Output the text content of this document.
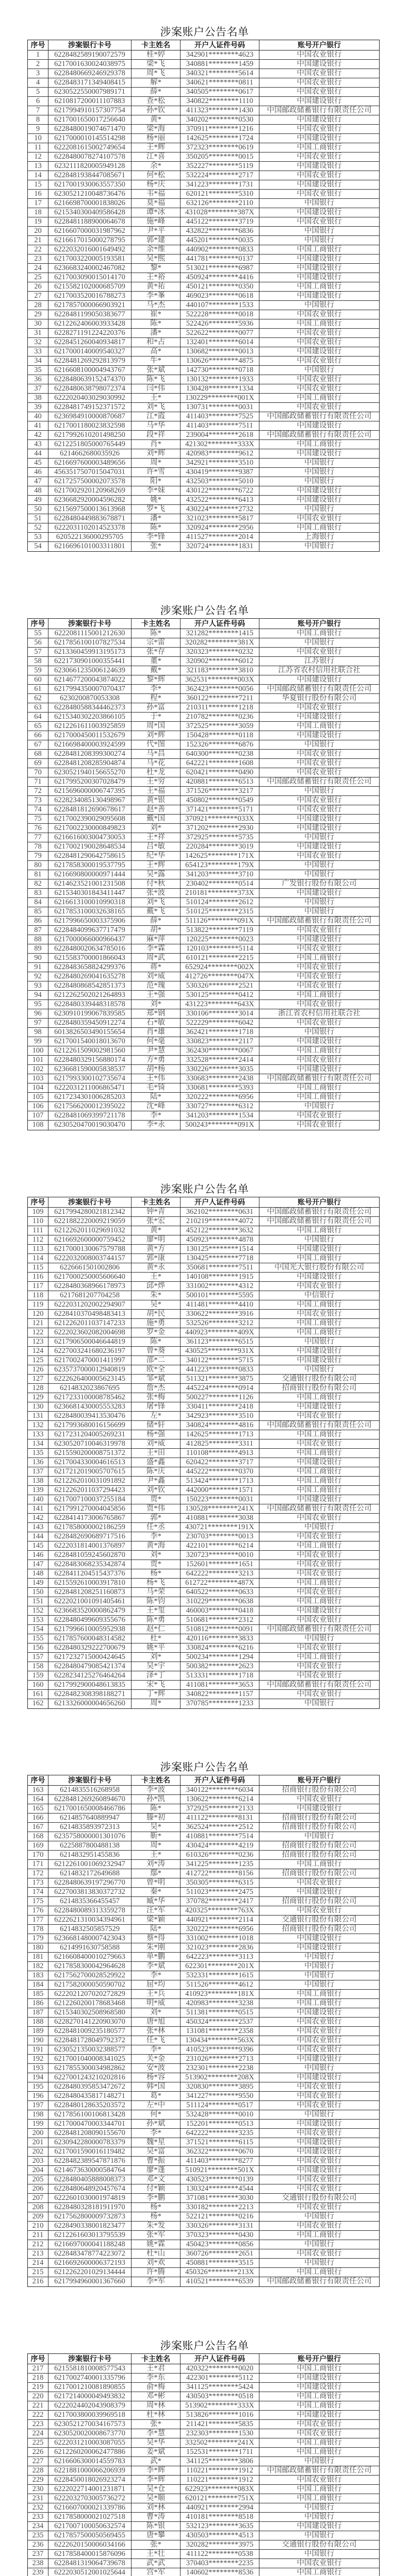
涉案账户公告名单
序号	涉案银行卡号	卡主姓名	开户人证件号码	账号开户银行
1	6228482589190072579	桂*婷	342901********4623	中国农业银行
2	6217001630024038975	梁*飞	340881********1459	中国建设银行
3	6228480669246929378	周*飞	340321********5614	中国农业银行
4	6228483171349408415	解*	340621********0811	中国农业银行
5	6230522550007989171	薛*	340505********0617	中国农业银行
6	6210817200011107883	查*松	340822********1110	中国建设银行
7	6217994910157307754	孙*钦	411323********1430	中国邮政储蓄银行有限责任公司
8	6217001650017256640	黄*	340202********0530	中国建设银行
9	6228480019074671470	梁*海	370911********1216	中国农业银行
10	6217000010145514298	杨*丽	142625********1724	中国建设银行
11	6222081615002749654	王*辉	372323********0619	中国工商银行
12	6228480078274107578	江*喜	350205********0015	中国农业银行
13	6232111820005949128	余*	352227********5119	中国建设银行
14	6228481938447085671	何*松	532224********2717	中国农业银行
15	6217001930063557350	杨*庆	341223********1731	中国建设银行
16	6230521210048736476	韦*福	620121********5310	中国农业银行
17	6216698700001838026	莫*福	632126********2110	中国银行
18	6215340300409586428	谭*冰	431028********387X	中国建设银行
19	6228481188900064678	施*峰	445122********3719	中国农业银行
20	6216607000031987962	尹*平	432822********6836	中国银行
21	6216617015000278795	郭*建	445201********0035	中国银行
22	6222032016001649492	余*维	440902********0833	中国工商银行
23	6217003220005193581	吴*熙	441781********0137	中国建设银行
24	6236683240002467082	黎*	513021********6987	中国建设银行
25	6217003090015014170	王*裕	450924********4416	中国建设银行
26	6215582102000685709	黄*祐	450121********0350	中国工商银行
27	6217003520016788273	李*峯	469023********0618	中国建设银行
28	6217857000066903921	马*杰	440107********1533	中国银行
29	6228481199050383677	崔*	522228********0018	中国农业银行
30	6212262406003933428	陈*	522426********5936	中国工商银行
31	6228271191224220376	潘*	522622********0077	中国农业银行
32	6228451260040934817	和*占	132401********6014	中国农业银行
33	6217000140009540327	高*	130682********0013	中国建设银行
34	6228481269292813979	牛*	130626********4875	中国农业银行
35	6216608100004943767	张*斌	142730********0718	中国银行
36	6228480639152474370	陈*飞	130132********1933	中国农业银行
37	6228480638798072374	闫*伟	130428********1334	中国农业银行
38	6222020403029030992	王*	130229********001X	中国工商银行
39	6228481749152371572	刘*飞	130731********0031	中国农业银行
40	6236984910000870687	江*霞	411403********7525	中国邮政储蓄银行有限责任公司
41	6217001180023832598	马*华	411403********7511	中国建设银行
42	6217992610201498250	段*祥	239004********2618	中国邮政储蓄银行有限责任公司
43	6212251805000765449	肖*	421302********333X	中国工商银行
44	6214662680035926	刘*辉	420983********9612	中国建设银行
45	6216697600003489656	周*	342921********3510	中国银行
46	4563517507015047031	许*雪	430419********9387	中国银行
47	6217257500002073578	阳*	432503********5010	中国银行
48	6217002920120968269	李*妹	430122********6722	中国建设银行
49	6236682920004596282	姚*	432522********6413	中国建设银行
50	6215697500013613968	罗*飞	430224********2732	中国银行
51	6228480449883678871	潘*	321023********5817	中国农业银行
52	6222031102014523378	陈*	320924********2956	中国工商银行
53	620522136000295705	李*锋	411527********2014	上海银行
54	6216696101003311801	张*	320724********1831	中国银行
涉案账户公告名单
序号	涉案银行卡号	卡主姓名	开户人证件号码	账号开户银行
55	6222081115001212630	陈*	321282********1415	中国工商银行
56	6217856100107827534	宗*雷	320282********381X	中国银行
57	6213360459913195173	张*存	320323********0232	中国农业银行
58	6221730901000355441	董*	320902********6012	江苏银行
59	6230661235006124639	戴*	321183********3810	江苏省农村信用社联合社
60	6214677200043874022	黎*辉	362531********003X	中国建设银行
61	6217994350007070437	李*	362423********0056	中国邮政储蓄银行有限责任公司
62	6230200870053308	程*	360122********7211	华夏银行股份有限公司
63	6228480588344462373	孙*富	210311********1218	中国农业银行
64	6215340302203866105	于*	210782********0236	中国建设银行
65	6212261611003925859	周*国	372525********3059	中国工商银行
66	6217000450011532679	刘*辉	150428********0118	中国建设银行
67	6216698400003924599	代*图	152326********6876	中国银行
68	6228481208399300274	马*昌	640300********0238	中国农业银行
69	6228481208285904874	马*花	642221********1608	中国农业银行
70	6230521940156655270	杜*龙	620421********0490	中国农业银行
71	6217995200307028479	王*穷	420881********6513	中国邮政储蓄银行有限责任公司
72	6215696000006747395	王*福	371526********3217	中国银行
73	6228234085130498967	黄*银	450802********0549	中国农业银行
74	6228481812690678617	赵*善	371421********5171	中国农业银行
75	6217002390029095608	戴*国	370921********033X	中国建设银行
76	6217002230000849823	刘*	371202********2930	中国建设银行
77	6216616003004730053	王*祥	372925********5735	中国银行
78	6217002190028648534	吕*敏	220284********3019	中国建设银行
79	6228481290642758615	纪*华	142625********171X	中国农业银行
80	6217858300019537795	王*辉	654123********179X	中国银行
81	6216690800000971444	吴*露	341203********3710	中国银行
82	6214623521001231508	付*秋	230402********0514	广发银行股份有限公司
83	6215340301843411447	张*波	210181********373X	中国建设银行
84	6216613100010990318	刘*飞	510124********2612	中国银行
85	6217853100032638165	戴*飞	510125********2315	中国银行
86	6217996650003375906	薛*	511126********091X	中国邮政储蓄银行有限责任公司
87	6228484099637717479	胡*	513822********7119	中国农业银行
88	6217000066000966437	麻*萍	120225********0023	中国建设银行
89	6228480020634785016	李*霖	120103********5114	中国农业银行
90	6215583700001866043	周*武	610121********2215	中国工商银行
91	6228483658824299376	蒋*	652924********002X	中国农业银行
92	6228480269041635278	刘*威	412726********047X	中国农业银行
93	6228480868542851373	范*瑰	530326********2521	中国农业银行
94	6212262502021264893	王*强	530125********0412	中国工商银行
95	6228480339448318578	刘*	431223********643X	中国农业银行
96	6230910199067839585	郑*钢	330106********3014	浙江省农村信用社联合社
97	6228480359450912274	石*敏	522229********6042	中国农业银行
98	6013826503490155654	肖*雄	362421********1718	中国银行
99	6217001540018013670	何*毫	330823********2117	中国建设银行
100	6212261509002981560	尹*慧	362430********0067	中国工商银行
101	6228480329156880174	方*勇	332528********2414	中国农业银行
102	6236681590005838537	胡*杨	330226********3035	中国建设银行
103	6217993300102735674	王*伟	330683********2438	中国邮政储蓄银行有限责任公司
104	6222031211006865471	毛*锜	330681********5393	中国工商银行
105	6217234301006285203	陆*	320222********6956	中国工商银行
106	6217566200012395022	沈*峰	330727********6312	中国银行
107	6228481069399721178	李*	341203********1534	中国农业银行
108	6230520470019030470	李*永	500243********091X	中国农业银行
涉案账户公告名单
序号	涉案银行卡号	卡主姓名	开户人证件号码	账号开户银行
109	6217994280021812342	钟*青	362102********0631	中国邮政储蓄银行有限责任公司
110	6221882220009219059	张*宏	210219********4072	中国邮政储蓄银行有限责任公司
111	6212262011029691032	黄*	452122********3632	中国工商银行
112	6216692600000759452	廖*明	450923********4878	中国银行
113	6217000130067579788	黄*方	130125********1514	中国建设银行
114	6222032008003744157	郭*康	130425********7718	中国工商银行
115	6226661501002806	黄*永	350681********7511	中国光大银行股份有限公司
116	6217000250005606640	王*	140108********1915	中国建设银行
117	6228480368966178973	邱*烨	331002********4312	中国农业银行
118	6217681207704258	朱*	500101********5595	中信银行
119	6222031202002294907	吴*	411481********4410	中国工商银行
120	6228410370498483413	胡*民	330622********3916	中国农业银行
121	6212262011037147233	施*勇	532526********3212	中国工商银行
122	6222023602082004698	罗*金	440923********409X	中国工商银行
123	6217906500046644819	陈*	361123********6515	中国银行
124	6227003241680236197	曾*葵	430525********931X	中国建设银行
125	6217002470001411997	邵*二	340122********5715	中国建设银行
126	6235737000012940819	欧*全	441223********0833	中国银行
127	6222626400005623145	邹*斌	511321********3875	交通银行股份有限公司
128	6214832023867695	詹*杰	445224********0914	招商银行股份有限公司
129	6217233100008785462	张*梅	500227********1126	中国工商银行
130	6236681430005553283	屠*锋	330411********2418	中国建设银行
131	6228480039413530476	左*	342923********3510	中国农业银行
132	6217993680016156699	储*轩	340824********4816	中国邮政储蓄银行有限责任公司
133	6217231204005269231	杨*强	142625********1713	中国工商银行
134	6230520710046319978	刘*威	412825********3311	中国农业银行
135	6215590200008751372	王*田	110108********4913	中国工商银行
136	6217004330004616513	盛*鑫	620422********3717	中国建设银行
137	6217212019005707615	陈*庆	445222********0370	中国工商银行
138	6212262010031091892	尹*鑫	513424********1713	中国工商银行
139	6212262011037294423	刘*钦	442000********1571	中国工商银行
140	6217007100037255184	贾*	150223********0031	中国建设银行
141	6217991270004045856	贾*伟	130528********241X	中国邮政储蓄银行有限责任公司
142	6228414173006765867	郭*	410881********3038	中国农业银行
143	6217858000002186259	任*丞	430721********191X	中国银行
144	6228482690689717516	李*	230703********0013	中国农业银行
145	6222031814001376897	黄*海	422101********6214	中国工商银行
146	6228481059245602870	刘*	320723********0010	中国农业银行
147	6228483068235342874	贾*	152601********1651	中国农业银行
148	6228411204515437376	杨*	642222********3213	中国农业银行
149	6215592610003917810	杨*飞	612722********487X	中国工商银行
150	6228481208251160873	马*荣	640522********0633	中国农业银行
151	6222021001091405461	陈*钧	310229********0638	中国工商银行
152	6236683520000862479	王*玺	460003********0418	中国建设银行
153	6228480499609355676	陈*勇	510681********2312	中国农业银行
154	6217996610005952938	赵*仁	510812********0091	中国邮政储蓄银行有限责任公司
155	6217857600048314582	杜*	420116********3833	中国银行
156	6228480329222700679	姚*平	330824********6216	中国农业银行
157	6217232715000424645	刘*	500234********1294	中国工商银行
158	6228480479085421374	吴*宇	500382********2623	中国农业银行
159	6228234125276464264	泽*丁	513331********1718	中国农业银行
160	6217992900048613835	宋*飞	411081********3653	中国邮政储蓄银行有限责任公司
161	6228482308398188271	丁*辉	340822********1157	中国农业银行
162	6213326000004656260	周*	370785********1233	中国银行
涉案账户公告名单
序号	涉案银行卡号	卡主姓名	开户人证件号码	账号开户银行
163	6214835516268958	李*波	340122********6034	招商银行股份有限公司
164	6228481269260894670	孙*凯	130622********6214	中国农业银行
165	6217001650008466786	陈*	372925********2133	中国建设银行
166	6214857640889947	滕*初	411122********8131	招商银行股份有限公司
167	6214835893972313	吴*	362524********2512	招商银行股份有限公司
168	6235758000001301076	靳*	410881********7514	中国银行
169	6225887800488138	周*	430424********4219	招商银行股份有限公司
170	6214832951455836	王*	610326********0236	招商银行股份有限公司
171	6212261001069232947	刘*涛	341225********1235	中国工商银行
172	6214832172649688	鄢*	412722********8156	招商银行股份有限公司
173	6228480639197296770	曾*明	350305********6315	中国农业银行
174	6227003813830372732	秦*	511023********2475	中国建设银行
175	6214835366455457	臧*华	370782********2417	招商银行股份有限公司
176	6228480089313359278	汪*军	420325********763X	中国农业银行
177	6222621310034394961	梁*颖	440921********2114	交通银行股份有限公司
178	6214832505857529	陆*	320222********6956	招商银行股份有限公司
179	6236681480007423043	蔡*得	331002********1018	中国建设银行
180	6214991630758588	朱*刚	321023********2836	中国建设银行
181	6216608400010279663	单*鹏	642223********3113	中国银行
182	6217858300042964628	李*斌	622301********201X	中国银行
183	6217562700028529922	李*	532331********1615	中国银行
184	6217582000050590702	屈*均	511526********4612	中国银行
185	6222021207020272829	王*兵	410923********181X	中国工商银行
186	6212260200178683468	明*威	420983********3238	中国工商银行
187	6215340302508968580	刘*	511381********0515	中国建设银行
188	6228270141220903070	唐*旭	450324********2537	中国农业银行
189	6228481009235180577	张*林	131081********2358	中国农业银行
190	6228481728049792372	任*飞	130434********563X	中国农业银行
191	6230521350032388577	李*	410523********9396	中国农业银行
192	6217001040008341025	关*金	231026********2713	中国建设银行
193	6217855300034982862	安*波	232301********2238	中国银行
194	6227001243210202816	杨*容	513902********208X	中国建设银行
195	6228480395853472672	韩*国	320830********3895	中国农业银行
196	6228480435817148271	葛*	341227********9550	中国农业银行
197	6228480128635203572	左*中	511124********0517	中国农业银行
198	6217856100106813428	何*	532428********0010	中国银行
199	6217000470003344701	孙*斌	152201********0513	中国建设银行
200	6228481208090155670	李*	642222********3235	中国农业银行
201	6230942280000783379	魏*星	371521********6115	中国建设银行
202	6217001590016119482	吴*富	362322********0670	中国建设银行
203	6228482389547871876	曹*振	411403********8277	中国农业银行
204	6214673630000584764	廖*蓬	510921********501X	中国建设银行
205	6228480405888008373	邓*文	430523********0139	中国农业银行
206	6228480648920457674	付*颖	130324********4544	中国农业银行
207	6222601030001974819	李*鹏	371081********3030	交通银行股份有限公司
208	6228480328181911970	杨*	330182********2213	中国农业银行
209	6217562800009732873	杨*	522121********0216	中国银行
210	6228490338001823477	朱*发	330326********3131	中国农业银行
211	6212261603013795539	张*军	370323********0430	中国工商银行
212	6216697000041188248	姚*霖	450423********0856	中国银行
213	6228483478774223072	杜*山	360726********2651	中国农业银行
214	6216692600006372193	刘*欢	450881********3515	中国银行
215	6212262201029134444	许*腾	450326********213X	中国工商银行
216	6217994960001367660	李*军	410521********6539	中国邮政储蓄银行有限责任公司
涉案账户公告名单
序号	涉案银行卡号	卡主姓名	开户人证件号码	账号开户银行
217	6215581810008577543	王*君	420322********0020	中国工商银行
218	6217002740001335796	李*东	422301********5112	中国建设银行
219	6217001210081890855	俞*梅	341125********5424	中国建设银行
220	6217214000049493832	邓*彬	430503********0518	中国工商银行
221	6222024402043908379	周*林	513902********333X	中国工商银行
222	6217003800039969518	杜*林	513826********1016	中国建设银行
223	6230521270034167573	张*	211421********5835	中国农业银行
224	6230520020008673770	李*慧	232303********1530	中国农业银行
225	6222031210003087055	吴*华	332502********241X	中国工商银行
226	6212260200062477886	姜*斌	152531********1711	中国工商银行
227	6216606300014559783	武*	341125********3806	中国银行
228	6221881000066206939	李*辉	110221********1912	中国邮政储蓄银行有限责任公司
229	6228450018026923274	李*辉	110221********1912	中国农业银行
230	6222022714001231871	吴*仓	622923********083X	中国工商银行
231	6222032703005736272	吴*顺	620121********751X	中国工商银行
232	6216607000021339786	刘*林	440921********2994	中国银行
233	6217858000021027518	曹*涛	410181********8518	中国银行
234	6217007100050632574	陈*银	532123********3635	中国建设银行
235	6217857500050569455	唐*攀	430503********4513	中国银行
236	6222620150006034166	张*	320282********3975	交通银行股份有限公司
237	6217858400015876096	王*壮	411122********0538	中国银行
238	6228481319064739678	武*武	370403********2235	中国农业银行
239	6222030512001025644	宫*军	140602********8536	中国工商银行
